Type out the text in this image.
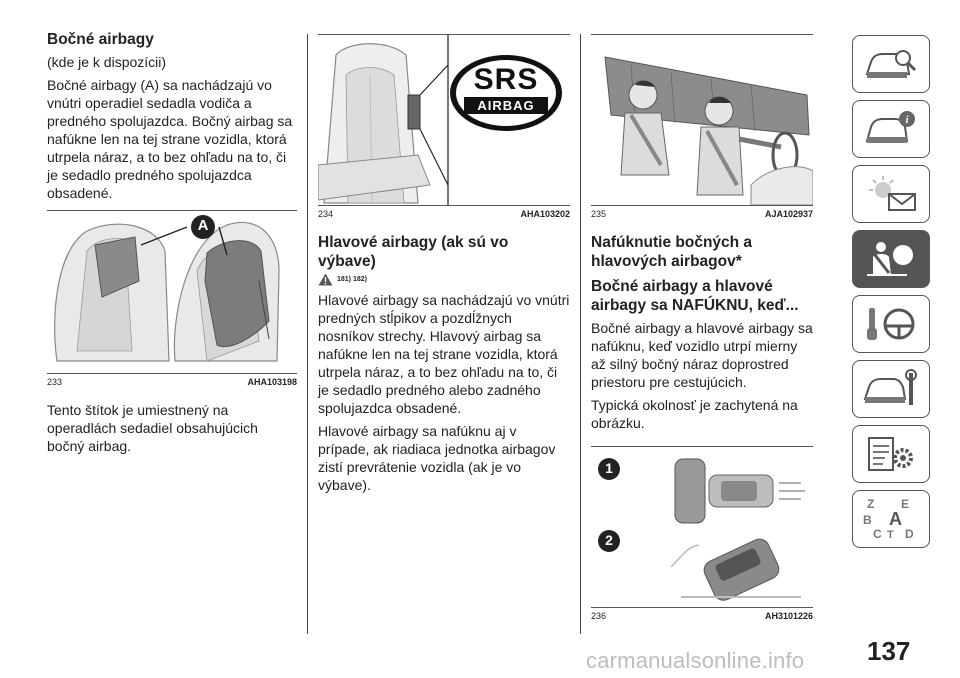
Bočné airbagy

(kde je k dispozícii)

Bočné airbagy (A) sa nachádzajú vo vnútri operadiel sedadla vodiča a predného spolujazdca. Bočný airbag sa nafúkne len na tej strane vozidla, ktorá utrpela náraz, a to bez ohľadu na to, či je sedadlo predného spolujazdca obsadené.

A
233	AHA103198

Tento štítok je umiestnený na operadlách sedadiel obsahujúcich bočný airbag.

SRS
AIRBAG
234	AHA103202
Hlavové airbagy (ak sú vo výbave)
181) 182)

Hlavové airbagy sa nachádzajú vo vnútri predných stĺpikov a pozdĺžnych nosníkov strechy. Hlavový airbag sa nafúkne len na tej strane vozidla, ktorá utrpela náraz, a to bez ohľadu na to, či je sedadlo predného alebo zadného spolujazdca obsadené.

Hlavové airbagy sa nafúknu aj v prípade, ak riadiaca jednotka airbagov zistí prevrátenie vozidla (ak je vo výbave).

235	AJA102937
Nafúknutie bočných a hlavových airbagov*
Bočné airbagy a hlavové airbagy sa NAFÚKNU, keď...

Bočné airbagy a hlavové airbagy sa nafúknu, keď vozidlo utrpí mierny až silný bočný náraz doprostred priestoru pre cestujúcich.

Typická okolnosť je zachytená na obrázku.

1
2
236	AH3101226
i
Z E
B A
C T D
137
carmanualsonline.info
